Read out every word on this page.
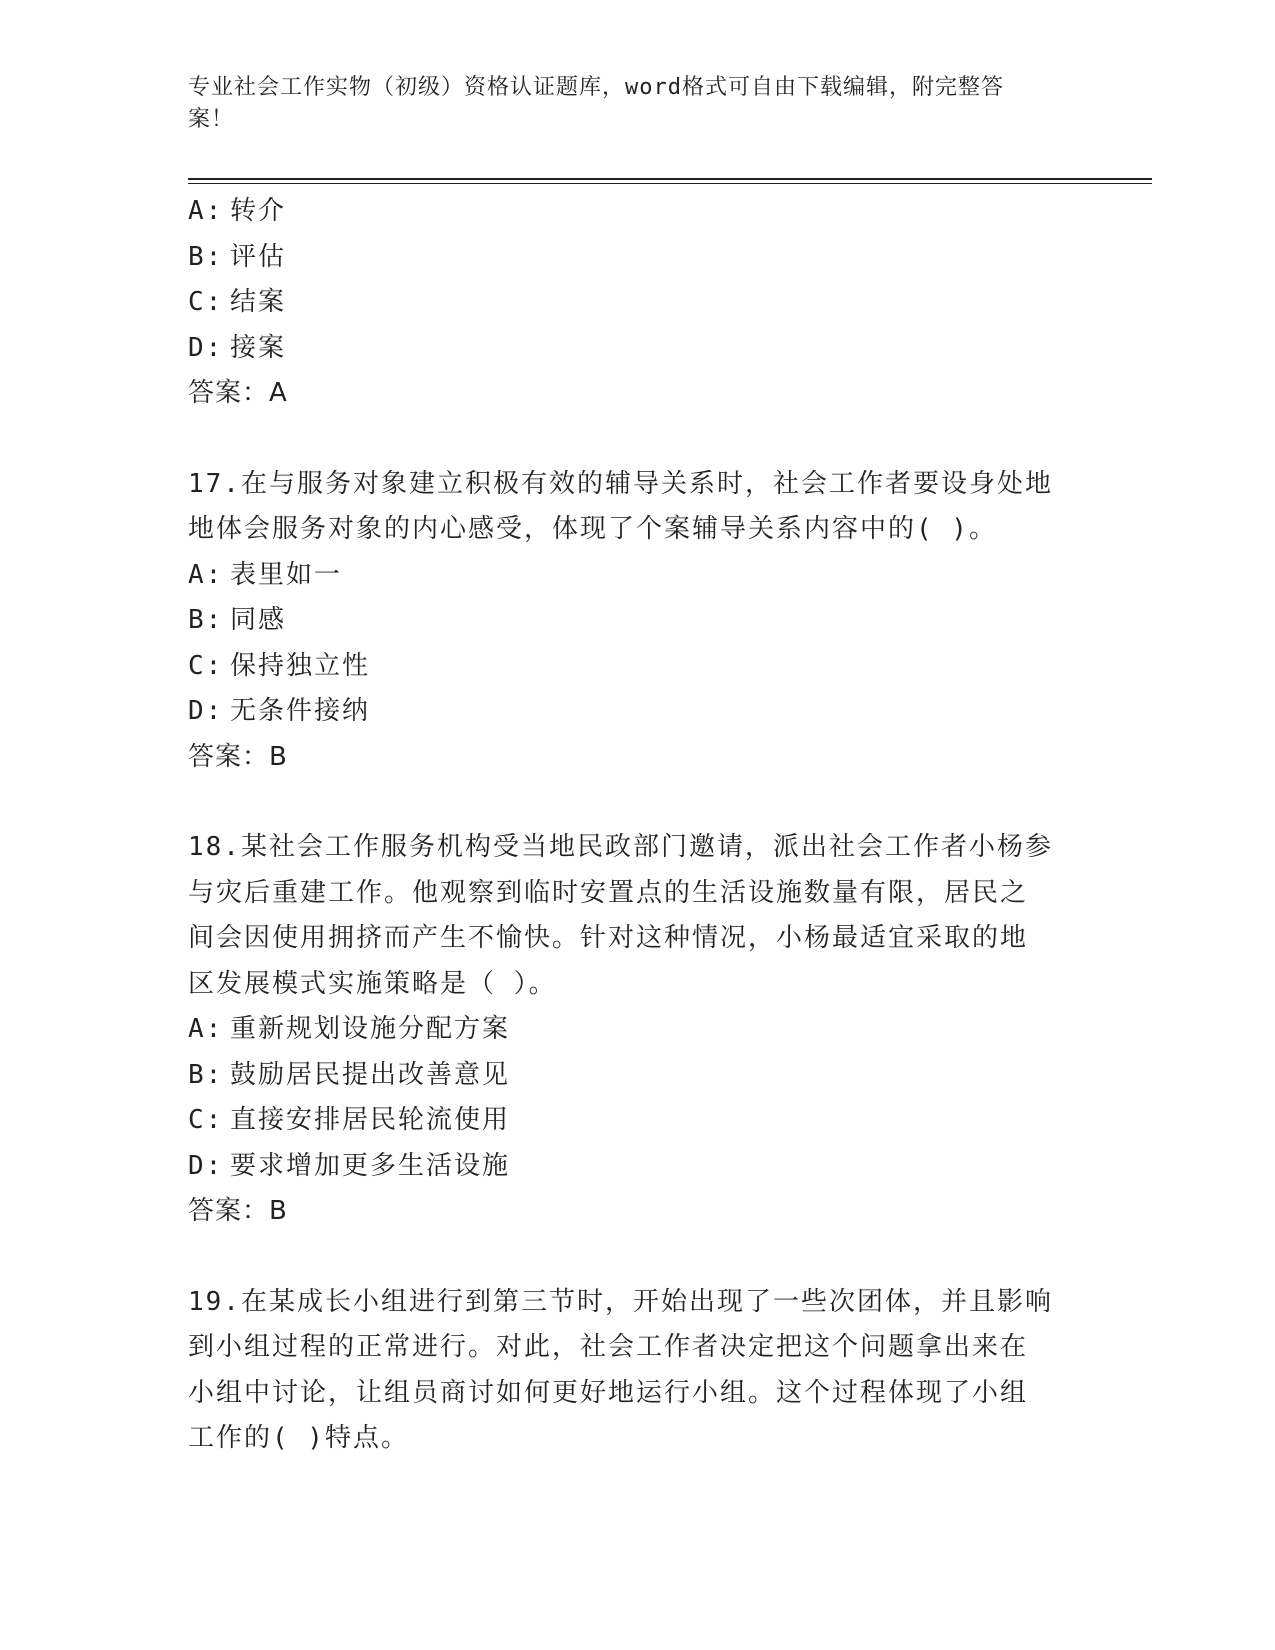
专业社会工作实物（初级）资格认证题库，word格式可自由下载编辑，附完整答
案！
A: 转介
B: 评估
C: 结案
D: 接案
答案：A
17.在与服务对象建立积极有效的辅导关系时，社会工作者要设身处地
地体会服务对象的内心感受，体现了个案辅导关系内容中的( )。
A: 表里如一
B: 同感
C: 保持独立性
D: 无条件接纳
答案：B
18.某社会工作服务机构受当地民政部门邀请，派出社会工作者小杨参
与灾后重建工作。他观察到临时安置点的生活设施数量有限，居民之
间会因使用拥挤而产生不愉快。针对这种情况，小杨最适宜采取的地
区发展模式实施策略是（ ）。
A: 重新规划设施分配方案
B: 鼓励居民提出改善意见
C: 直接安排居民轮流使用
D: 要求增加更多生活设施
答案：B
19.在某成长小组进行到第三节时，开始出现了一些次团体，并且影响
到小组过程的正常进行。对此，社会工作者决定把这个问题拿出来在
小组中讨论，让组员商讨如何更好地运行小组。这个过程体现了小组
工作的( )特点。
